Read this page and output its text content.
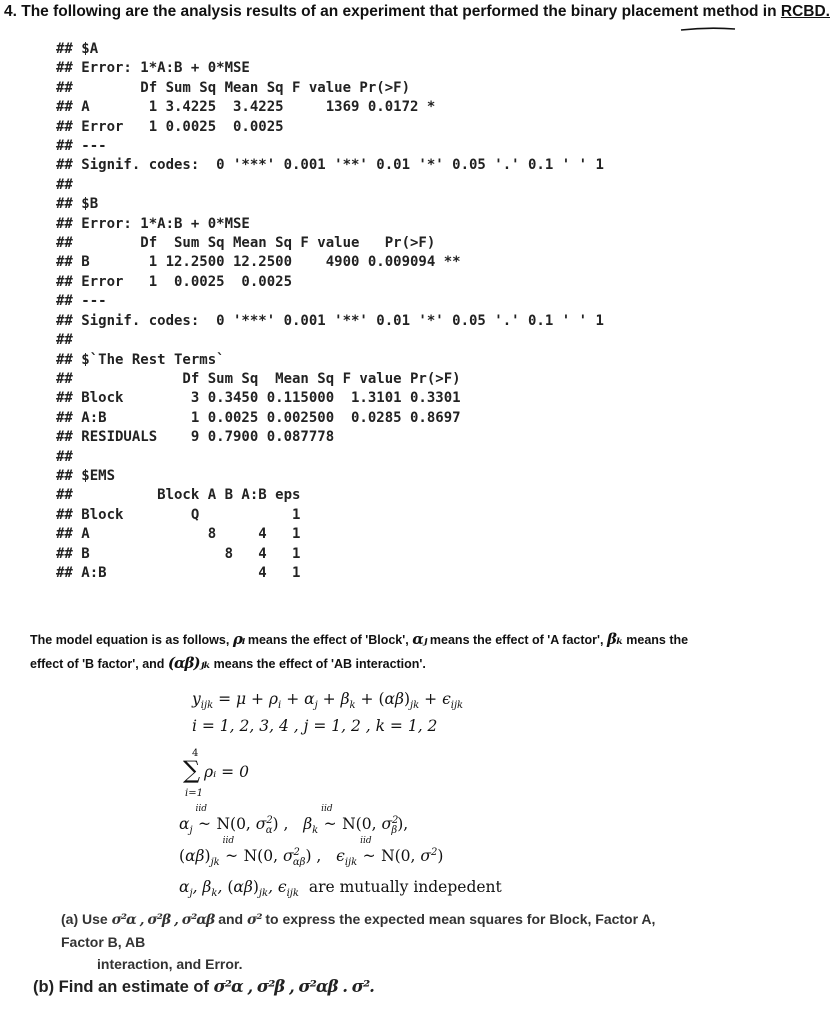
4. The following are the analysis results of an experiment that performed the binary placement method in RCBD.
## $A
## Error: 1*A:B + 0*MSE
##        Df Sum Sq Mean Sq F value Pr(>F)
## A       1 3.4225  3.4225     1369 0.0172 *
## Error   1 0.0025  0.0025
## ---
## Signif. codes:  0 '***' 0.001 '**' 0.01 '*' 0.05 '.' 0.1 ' ' 1
##
## $B
## Error: 1*A:B + 0*MSE
##        Df  Sum Sq Mean Sq F value   Pr(>F)
## B       1 12.2500 12.2500    4900 0.009094 **
## Error   1  0.0025  0.0025
## ---
## Signif. codes:  0 '***' 0.001 '**' 0.01 '*' 0.05 '.' 0.1 ' ' 1
##
## $`The Rest Terms`
##             Df Sum Sq  Mean Sq F value Pr(>F)
## Block        3 0.3450 0.115000  1.3101 0.3301
## A:B          1 0.0025 0.002500  0.0285 0.8697
## RESIDUALS    9 0.7900 0.087778
##
## $EMS
##          Block A B A:B eps
## Block        Q           1
## A              8     4   1
## B                8   4   1
## A:B                  4   1

The model equation is as follows, ρᵢ means the effect of 'Block', αⱼ means the effect of 'A factor', βₖ means the effect of 'B factor', and (αβ)ⱼₖ means the effect of 'AB interaction'.
$y_{ijk} = \mu + \rho_i + \alpha_j + \beta_k + (\alpha\beta)_{jk} + \epsilon_{ijk}$
i = 1, 2, 3, 4 , j = 1, 2 , k = 1, 2
4
∑ ρᵢ = 0
i=1
$\alpha_j$ ~
iid
N(0, $\sigma^2_\alpha$) ,   $\beta_k$ ~
iid
N(0, $\sigma^2_\beta$),
$(\alpha\beta)_{jk}$ ~
iid
N(0, $\sigma^2_{\alpha\beta}$) ,   $\epsilon_{ijk}$ ~
iid
N(0, $\sigma^2$)
$\alpha_j$, $\beta_k$, $(\alpha\beta)_{jk}$, $\epsilon_{ijk}$  are mutually indepedent
(a) Use σ²α , σ²β , σ²αβ and σ² to express the expected mean squares for Block, Factor A, Factor B, AB
interaction, and Error.
(b) Find an estimate of σ²α , σ²β , σ²αβ . σ².
